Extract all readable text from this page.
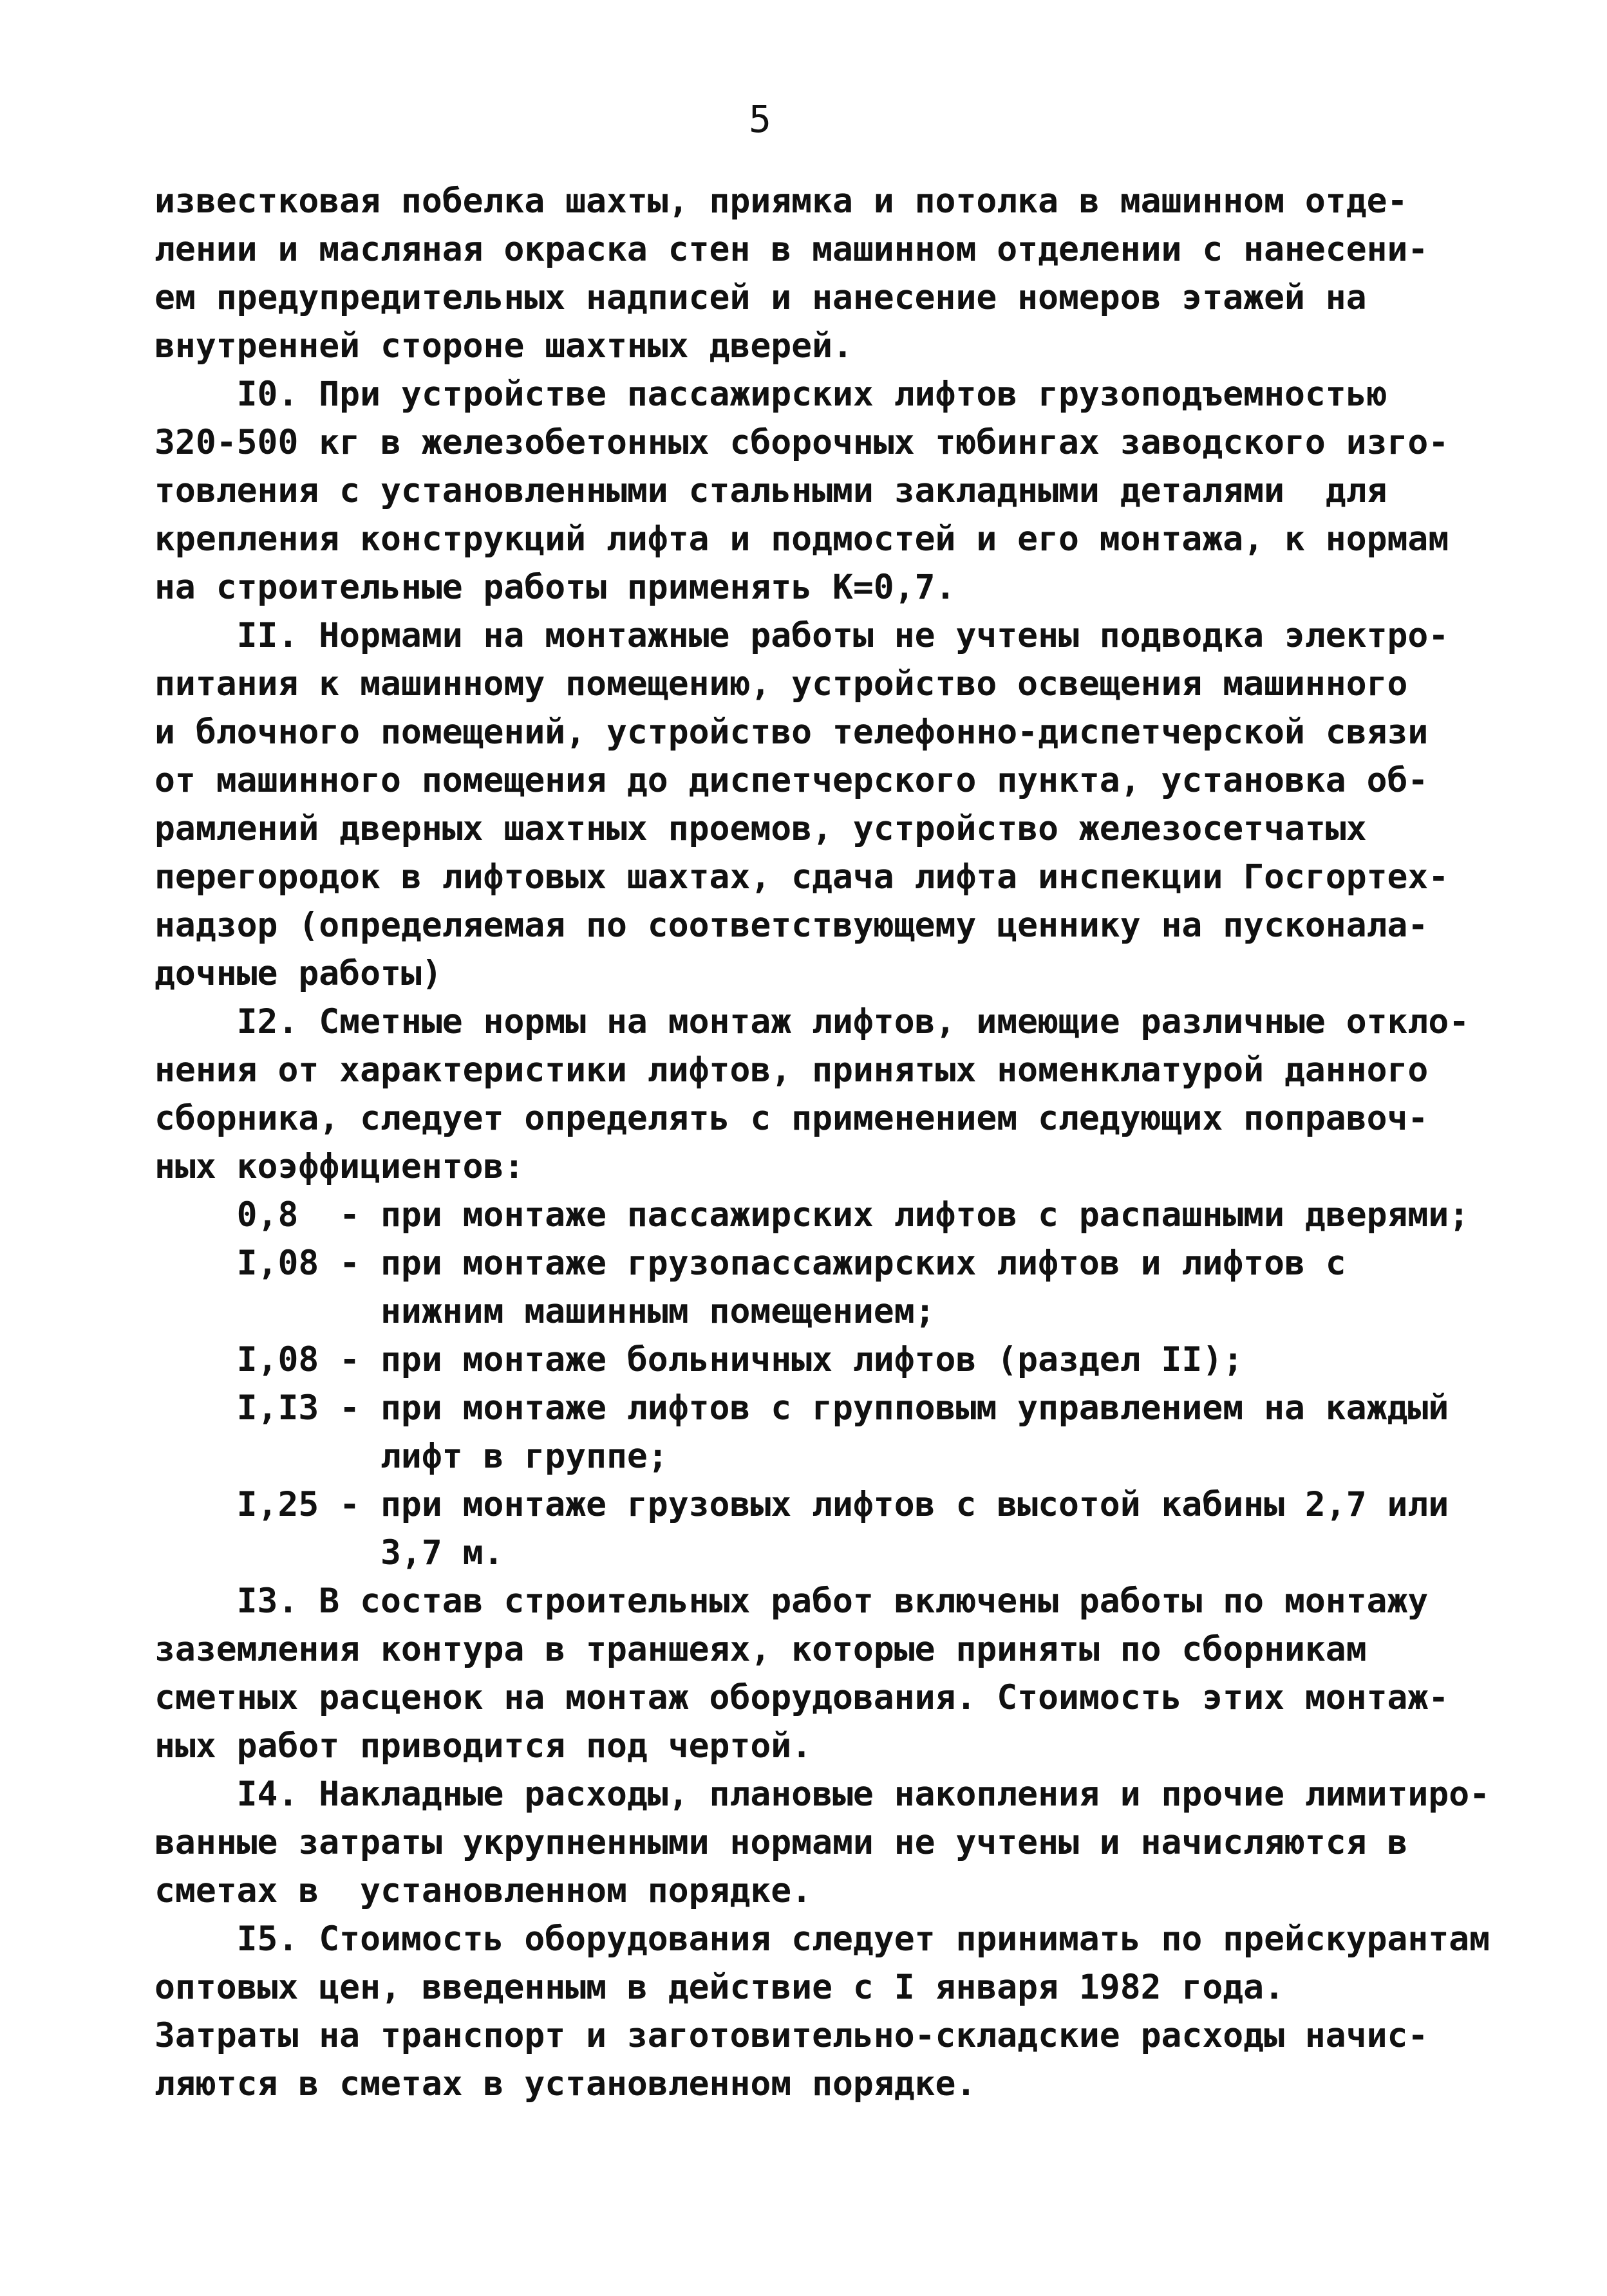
5
известковая побелка шахты, приямка и потолка в машинном отде-
лении и масляная окраска стен в машинном отделении с нанесени-
ем предупредительных надписей и нанесение номеров этажей на
внутренней стороне шахтных дверей.
I0. При устройстве пассажирских лифтов грузоподъемностью
320-500 кг в железобетонных сборочных тюбингах заводского изго-
товления с установленными стальными закладными деталями  для
крепления конструкций лифта и подмостей и его монтажа, к нормам
на строительные работы применять К=0,7.
II. Нормами на монтажные работы не учтены подводка электро-
питания к машинному помещению, устройство освещения машинного
и блочного помещений, устройство телефонно-диспетчерской связи
от машинного помещения до диспетчерского пункта, установка об-
рамлений дверных шахтных проемов, устройство железосетчатых
перегородок в лифтовых шахтах, сдача лифта инспекции Госгортех-
надзор (определяемая по соответствующему ценнику на пусконала-
дочные работы)
I2. Сметные нормы на монтаж лифтов, имеющие различные откло-
нения от характеристики лифтов, принятых номенклатурой данного
сборника, следует определять с применением следующих поправоч-
ных коэффициентов:
0,8  - при монтаже пассажирских лифтов с распашными дверями;
I,08 - при монтаже грузопассажирских лифтов и лифтов с
нижним машинным помещением;
I,08 - при монтаже больничных лифтов (раздел II);
I,I3 - при монтаже лифтов с групповым управлением на каждый
лифт в группе;
I,25 - при монтаже грузовых лифтов с высотой кабины 2,7 или
3,7 м.
I3. В состав строительных работ включены работы по монтажу
заземления контура в траншеях, которые приняты по сборникам
сметных расценок на монтаж оборудования. Стоимость этих монтаж-
ных работ приводится под чертой.
I4. Накладные расходы, плановые накопления и прочие лимитиро-
ванные затраты укрупненными нормами не учтены и начисляются в
сметах в  установленном порядке.
I5. Стоимость оборудования следует принимать по прейскурантам
оптовых цен, введенным в действие с I января 1982 года.
Затраты на транспорт и заготовительно-складские расходы начис-
ляются в сметах в установленном порядке.
